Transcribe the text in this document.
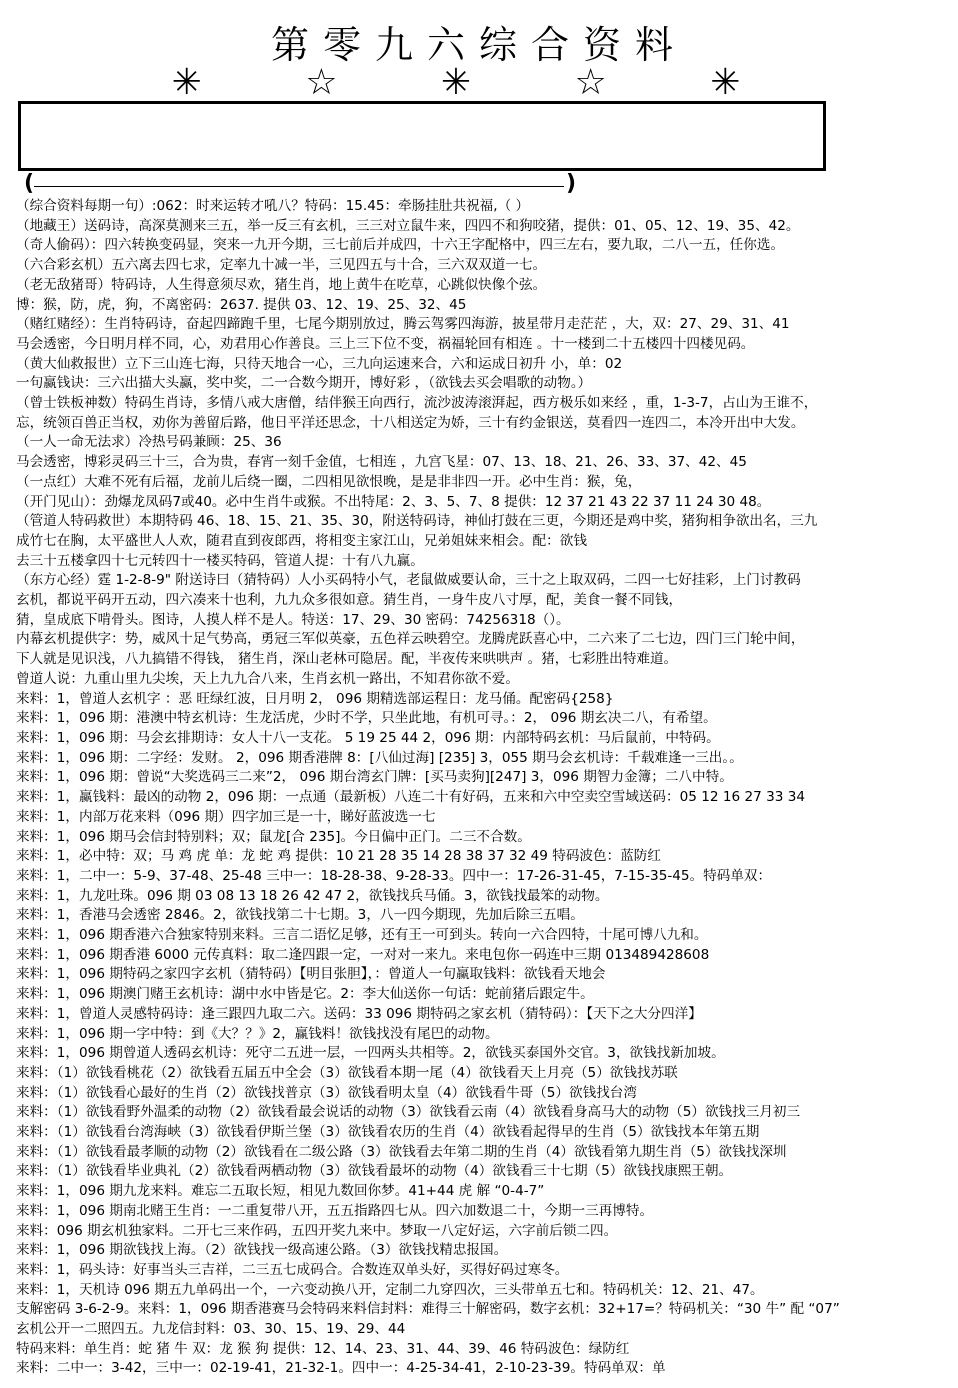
第零九六综合资料
✳ ☆ ✳ ☆ ✳
(	)
（综合资料每期一句）:062：时来运转才吼八？特码：15.45：牵肠挂肚共祝福,（ ）
（地藏王）送码诗，高深莫测来三五，举一反三有玄机，三三对立鼠牛来，四四不和狗咬猪，提供：01、05、12、19、35、42。
（奇人偷码）：四六转换变码显，突来一九开今期，三七前后并成四，十六王字配格中，四三左右，要九取，二八一五，任你选。
（六合彩玄机）五六离去四七求，定率九十减一半，三见四五与十合，三六双双道一七。
（老无敌猪哥）特码诗，人生得意须尽欢，猪生肖，地上黄牛在吃草，心跳似快像个弦。
博：猴，防，虎，狗，不离密码：2637. 提供 03、12、19、25、32、45
（赌红赌经）：生肖特码诗，奋起四蹄跑千里，七尾今期别放过，腾云驾雾四海游，披星带月走茫茫 ，大，双：27、29、31、41
马会透密，今日明月样不同，心，劝君用心作善良。三上三下位不变，祸福轮回有相连 。十一楼到二十五楼四十四楼见码。
（黄大仙救报世）立下三山连七海，只待天地合一心，三九向运速来合，六和运成日初升 小，单：02
一句赢钱诀：三六出描大头赢，奖中奖，二一合数今期开，博好彩 ，（欲钱去买会唱歌的动物。）
（曾士铁板神数）特码生肖诗，多情八戒大唐僧，结伴猴王向西行，流沙波涛滚湃起，西方极乐如来经 ，重，1-3-7，占山为王谁不，
忘，统领百兽正当权，劝你为善留后路，他日平洋还思念，十八相送定为娇，三十有约金银送，莫看四一连四二，本冷开出中大发。
（一人一命无法求）冷热号码兼顾：25、36
马会透密，博彩灵码三十三，合为贵，春宵一刻千金值，七相连 ，九宫飞星：07、13、18、21、26、33、37、42、45
（一点红）大难不死有后福，龙前儿后绕一圈，二四相见欲恨晚，是是非非四一开。必中生肖：猴，兔，
（开门见山）：劲爆龙凤码7或40。必中生肖牛或猴。不出特尾：2、3、5、7、8 提供：12 37 21 43 22 37 11 24 30 48。
（管道人特码救世）本期特码 46、18、15、21、35、30，附送特码诗，神仙打鼓在三更，今期还是鸡中奖，猪狗相争欲出名，三九
成竹七在胸，太平盛世人人欢，随君直到夜郎西，将相变主家江山，兄弟姐妹来相会。配：欲钱
去三十五楼拿四十七元转四十一楼买特码，管道人提：十有八九赢。
（东方心经）霆 1-2-8-9" 附送诗曰（猜特码）人小买码特小气，老鼠做威要认命，三十之上取双码，二四一七好挂彩，上门讨教码
玄机，都说平码开五动，四六凑来十也利，九九众多很如意。猜生肖，一身牛皮八寸厚，配，美食一餐不同钱，
猜，皇成底下啃骨头。图诗，人摸人样不是人。特送：17、29、30 密码：74256318（）。
内幕玄机提供字：势，威风十足气势高，勇冠三军似英豪，五色祥云映碧空。龙腾虎跃喜心中，二六来了二七边，四门三门轮中间，
下人就是见识浅，八九搞错不得钱， 猪生肖，深山老林可隐居。配，半夜传来哄哄声 。猪，七彩胜出特难道。
曾道人说：九重山里九尖埃，天上九九合八来，生肖玄机一路出，不知君你欲不爱。
来料：1，曾道人玄机字 ：恶 旺绿红波，日月明 2， 096 期精选部运程日：龙马俑。配密码{258}
来料：1，096 期：港澳中特玄机诗：生龙活虎，少时不学，只坐此地，有机可寻。：2， 096 期玄决二八，有希望。
来料：1，096 期：马会玄排期诗：女人十八一支花。 5 19 25 44 2，096 期：内部特码玄机：马后鼠前，中特码。
来料：1，096 期：二字经：发财。 2，096 期香港牌 8：[八仙过海] [235] 3，055 期马会玄机诗：千载难逢一三出。。
来料：1，096 期：曾说“大奖选码三二来”2， 096 期台湾玄门牌：[买马卖狗][247] 3，096 期智力金簿；二八中特。
来料：1，赢钱料：最凶的动物 2，096 期：一点通（最新板）八连二十有好码，五来和六中空卖空雪域送码：05 12 16 27 33 34
来料：1，内部万花来料（096 期）四字加三是一十，睇好蓝波选一七
来料：1，096 期马会信封特别料；双；鼠龙[合 235]。今日偏中正门。二三不合数。
来料：1，必中特：双；马 鸡 虎 单：龙 蛇 鸡 提供：10 21 28 35 14 28 38 37 32 49 特码波色：蓝防红
来料：1，二中一：5-9、37-48、25-48 三中一：18-28-38、9-28-33。四中一：17-26-31-45，7-15-35-45。特码单双：
来料：1，九龙吐珠。096 期 03 08 13 18 26 42 47 2，欲钱找兵马俑。3，欲钱找最笨的动物。
来料：1，香港马会透密 2846。2，欲钱找第二十七期。3，八一四今期现，先加后除三五唱。
来料：1，096 期香港六合独家特别来料。三言二语忆足够，还有王一可到头。转向一六合四特，十尾可博八九和。
来料：1，096 期香港 6000 元传真料：取二逢四跟一定，一对对一来九。来电包你一码连中三期 013489428608
来料：1，096 期特码之家四字玄机（猜特码）【明目张胆】，：曾道人一句赢取钱料：欲钱看天地会
来料：1，096 期澳门赌王玄机诗：湖中水中皆是它。2：李大仙送你一句话：蛇前猪后跟定牛。
来料：1，曾道人灵感特码诗：逢三跟四九取二六。送码：33 096 期特码之家玄机（猜特码）：【天下之大分四洋】
来料：1，096 期一字中特：到《大？？》2，赢钱料！欲钱找没有尾巴的动物。
来料：1，096 期曾道人透码玄机诗：死守二五进一层，一四两头共相等。2，欲钱买泰国外交官。3，欲钱找新加坡。
来料：（1）欲钱看桃花（2）欲钱看五届五中全会（3）欲钱看本期一尾（4）欲钱看天上月亮（5）欲钱找苏联
来料：（1）欲钱看心最好的生肖（2）欲钱找普京（3）欲钱看明太皇（4）欲钱看牛哥（5）欲钱找台湾
来料：（1）欲钱看野外温柔的动物（2）欲钱看最会说话的动物（3）欲钱看云南（4）欲钱看身高马大的动物（5）欲钱找三月初三
来料：（1）欲钱看台湾海峡（3）欲钱看伊斯兰堡（3）欲钱看农历的生肖（4）欲钱看起得早的生肖（5）欲钱找本年第五期
来料：（1）欲钱看最孝顺的动物（2）欲钱看在二级公路（3）欲钱看去年第二期的生肖（4）欲钱看第九期生肖（5）欲钱找深圳
来料：（1）欲钱看毕业典礼（2）欲钱看两栖动物（3）欲钱看最坏的动物（4）欲钱看三十七期（5）欲钱找康熙王朝。
来料：1，096 期九龙来料。难忘二五取长短，相见九数回你梦。41+44 虎 解 “0-4-7”
来料：1，096 期南北赌王生肖：一二重复带八开，五五指路四七从。四六加数退二十，今期一三再博特。
来料：096 期玄机独家料。二开七三来作码，五四开奖九来中。梦取一八定好运，六字前后锁二四。
来料：1，096 期欲钱找上海。（2）欲钱找一级高速公路。（3）欲钱找精忠报国。
来料：1，码头诗：好事当头三吉祥，二三五七成码合。合数连双单头好，买得好码过寒冬。
来料：1，天机诗 096 期五九单码出一个，一六变动换八开，定制二九穿四次，三头带单五七和。特码机关：12、21、47。
支解密码 3-6-2-9。来料：1，096 期香港赛马会特码来料信封料：难得三十解密码，数字玄机：32+17=？特码机关：“30 牛” 配 “07”
玄机公开一二照四五。九龙信封料：03、30、15、19、29、44
特码来料：单生肖：蛇 猪 牛 双：龙 猴 狗 提供：12、14、23、31、44、39、46 特码波色：绿防红
来料：二中一：3-42，三中一：02-19-41，21-32-1。四中一：4-25-34-41，2-10-23-39。特码单双：单
